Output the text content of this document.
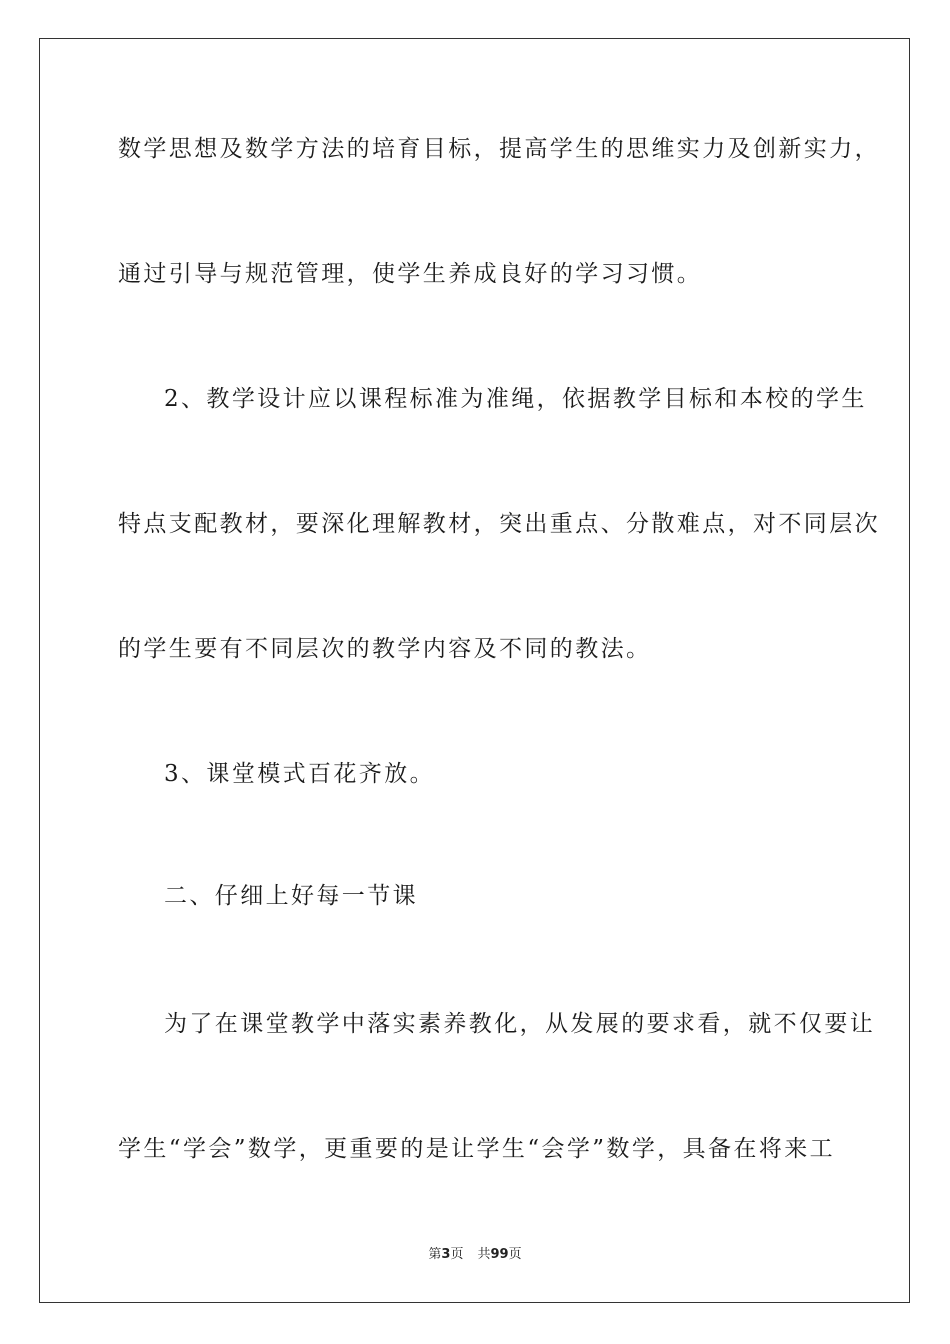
数学思想及数学方法的培育目标，提高学生的思维实力及创新实力，
通过引导与规范管理，使学生养成良好的学习习惯。
2、教学设计应以课程标准为准绳，依据教学目标和本校的学生
特点支配教材，要深化理解教材，突出重点、分散难点，对不同层次
的学生要有不同层次的教学内容及不同的教法。
3、课堂模式百花齐放。
二、仔细上好每一节课
为了在课堂教学中落实素养教化，从发展的要求看，就不仅要让
学生“学会”数学，更重要的是让学生“会学”数学，具备在将来工
第3页 共99页
